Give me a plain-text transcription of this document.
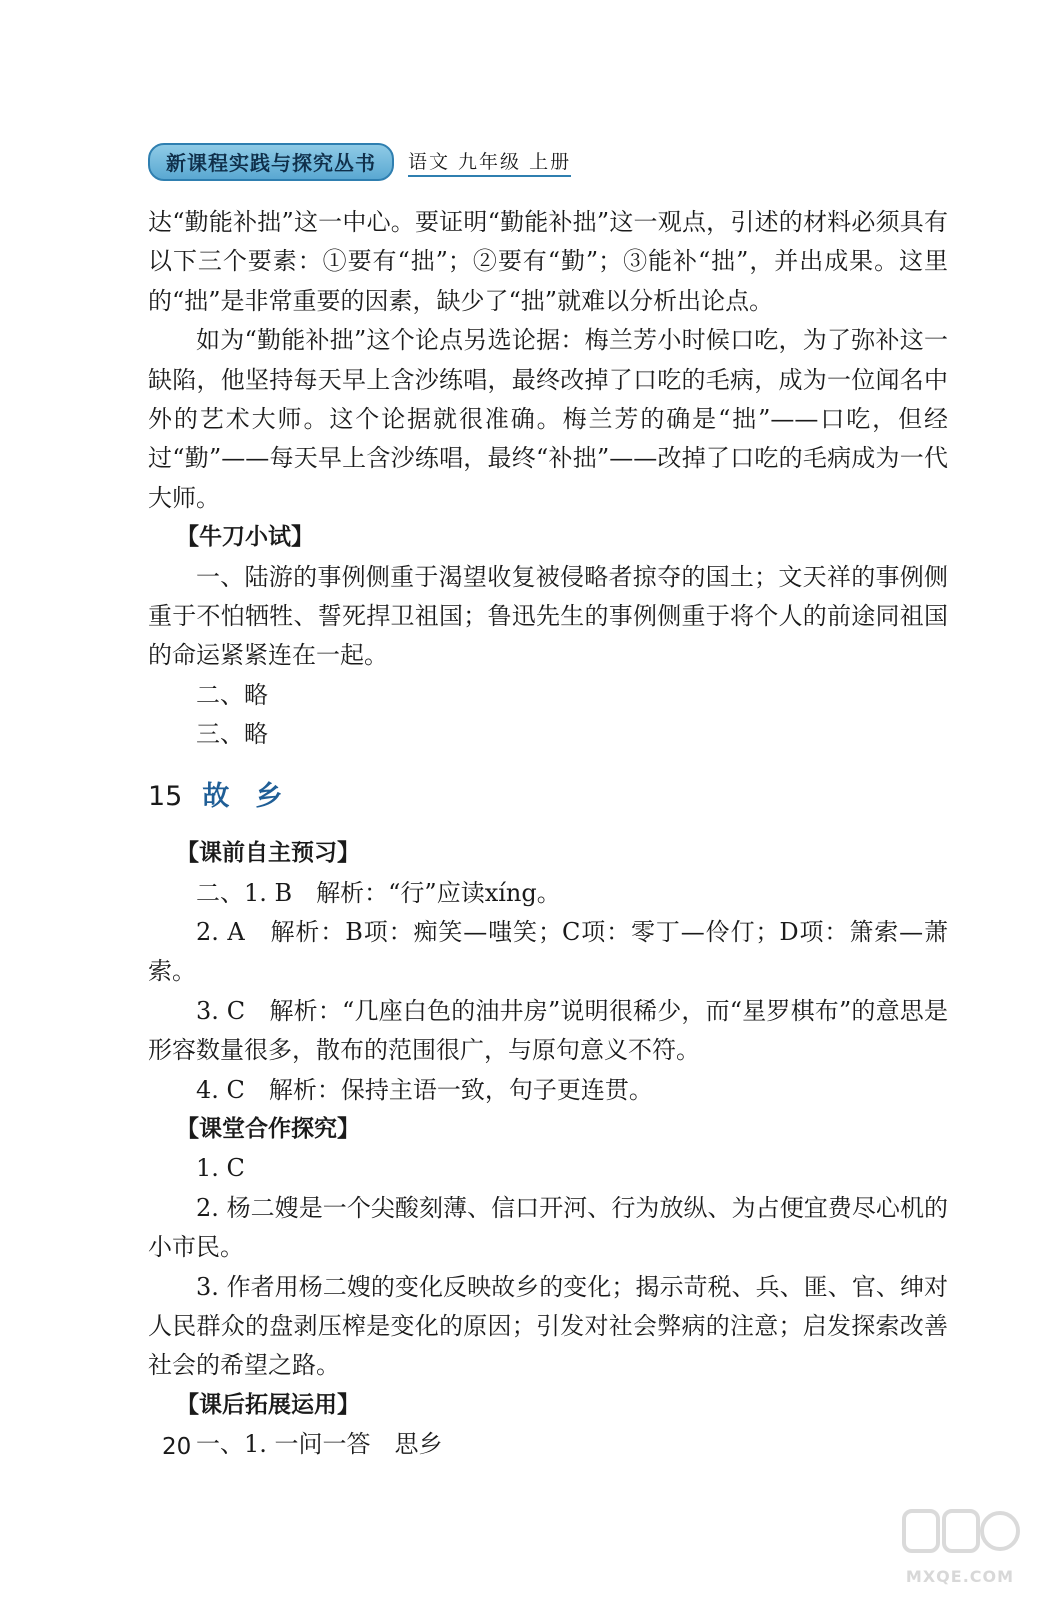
新课程实践与探究丛书	语文 九年级 上册

达“勤能补拙”这一中心。要证明“勤能补拙”这一观点，引述的材料必须具有以下三个要素：①要有“拙”；②要有“勤”；③能补“拙”，并出成果。这里的“拙”是非常重要的因素，缺少了“拙”就难以分析出论点。

如为“勤能补拙”这个论点另选论据：梅兰芳小时候口吃，为了弥补这一缺陷，他坚持每天早上含沙练唱，最终改掉了口吃的毛病，成为一位闻名中外的艺术大师。这个论据就很准确。梅兰芳的确是“拙”——口吃，但经过“勤”——每天早上含沙练唱，最终“补拙”——改掉了口吃的毛病成为一代大师。

【牛刀小试】

一、陆游的事例侧重于渴望收复被侵略者掠夺的国土；文天祥的事例侧重于不怕牺牲、誓死捍卫祖国；鲁迅先生的事例侧重于将个人的前途同祖国的命运紧紧连在一起。

二、略

三、略

15 故乡

【课前自主预习】

二、1. B　解析：“行”应读xíng。

2. A　解析：B项：痴笑—嗤笑；C项：零丁—伶仃；D项：箫索—萧索。

3. C　解析：“几座白色的油井房”说明很稀少，而“星罗棋布”的意思是形容数量很多，散布的范围很广，与原句意义不符。

4. C　解析：保持主语一致，句子更连贯。

【课堂合作探究】

1. C

2. 杨二嫂是一个尖酸刻薄、信口开河、行为放纵、为占便宜费尽心机的小市民。

3. 作者用杨二嫂的变化反映故乡的变化；揭示苛税、兵、匪、官、绅对人民群众的盘剥压榨是变化的原因；引发对社会弊病的注意；启发探索改善社会的希望之路。

【课后拓展运用】

一、1. 一问一答　思乡

20
MXQE.COM
